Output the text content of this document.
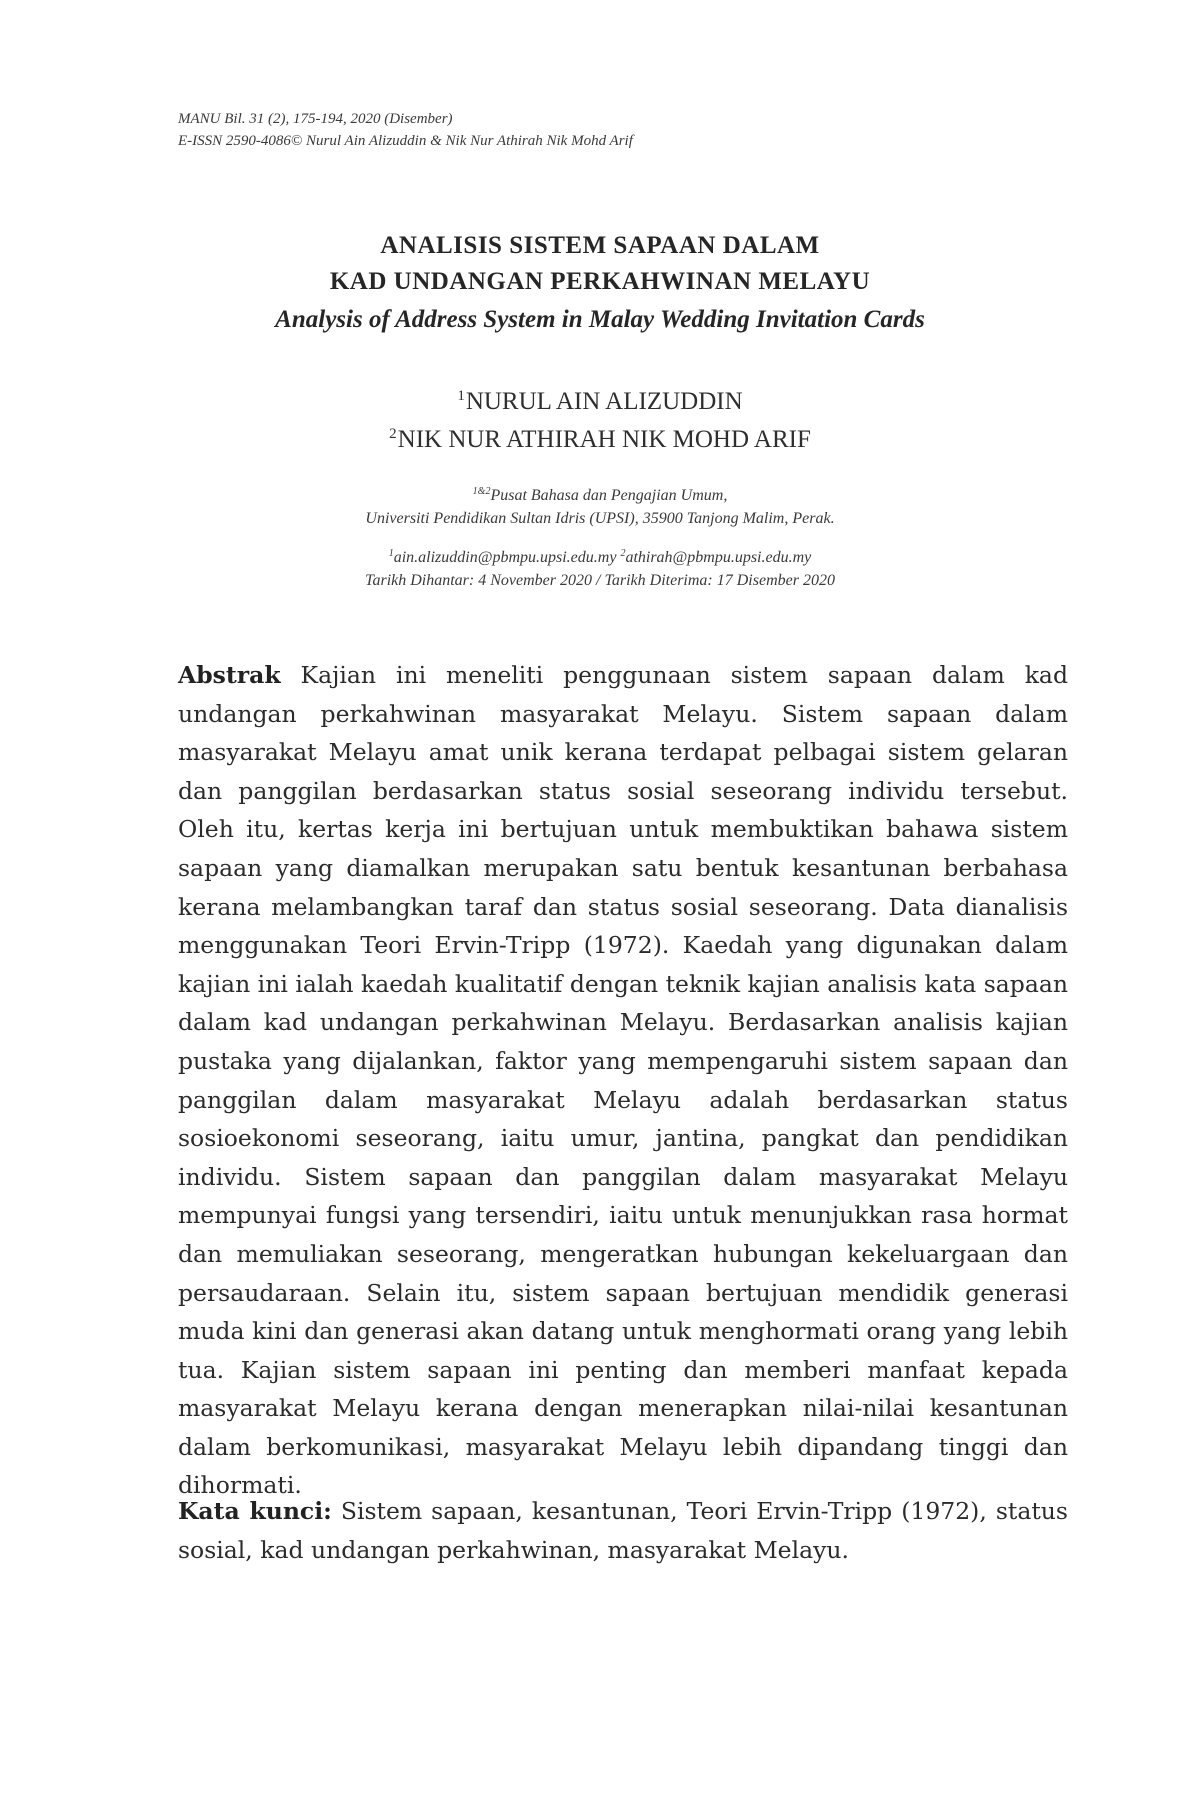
MANU Bil. 31 (2), 175-194, 2020 (Disember)
E-ISSN 2590-4086© Nurul Ain Alizuddin & Nik Nur Athirah Nik Mohd Arif
ANALISIS SISTEM SAPAAN DALAM
KAD UNDANGAN PERKAHWINAN MELAYU
Analysis of Address System in Malay Wedding Invitation Cards
$^1$NURUL AIN ALIZUDDIN
$^2$NIK NUR ATHIRAH NIK MOHD ARIF
$^{1\&2}$Pusat Bahasa dan Pengajian Umum,
Universiti Pendidikan Sultan Idris (UPSI), 35900 Tanjong Malim, Perak.
$^1$ain.alizuddin@pbmpu.upsi.edu.my $^2$athirah@pbmpu.upsi.edu.my
Tarikh Dihantar: 4 November 2020 / Tarikh Diterima: 17 Disember 2020
Abstrak Kajian ini meneliti penggunaan sistem sapaan dalam kad undangan perkahwinan masyarakat Melayu. Sistem sapaan dalam masyarakat Melayu amat unik kerana terdapat pelbagai sistem gelaran dan panggilan berdasarkan status sosial seseorang individu tersebut. Oleh itu, kertas kerja ini bertujuan untuk membuktikan bahawa sistem sapaan yang diamalkan merupakan satu bentuk kesantunan berbahasa kerana melambangkan taraf dan status sosial seseorang. Data dianalisis menggunakan Teori Ervin-Tripp (1972). Kaedah yang digunakan dalam kajian ini ialah kaedah kualitatif dengan teknik kajian analisis kata sapaan dalam kad undangan perkahwinan Melayu. Berdasarkan analisis kajian pustaka yang dijalankan, faktor yang mempengaruhi sistem sapaan dan panggilan dalam masyarakat Melayu adalah berdasarkan status sosioekonomi seseorang, iaitu umur, jantina, pangkat dan pendidikan individu. Sistem sapaan dan panggilan dalam masyarakat Melayu mempunyai fungsi yang tersendiri, iaitu untuk menunjukkan rasa hormat dan memuliakan seseorang, mengeratkan hubungan kekeluargaan dan persaudaraan. Selain itu, sistem sapaan bertujuan mendidik generasi muda kini dan generasi akan datang untuk menghormati orang yang lebih tua. Kajian sistem sapaan ini penting dan memberi manfaat kepada masyarakat Melayu kerana dengan menerapkan nilai-nilai kesantunan dalam berkomunikasi, masyarakat Melayu lebih dipandang tinggi dan dihormati.
Kata kunci: Sistem sapaan, kesantunan, Teori Ervin-Tripp (1972), status sosial, kad undangan perkahwinan, masyarakat Melayu.
